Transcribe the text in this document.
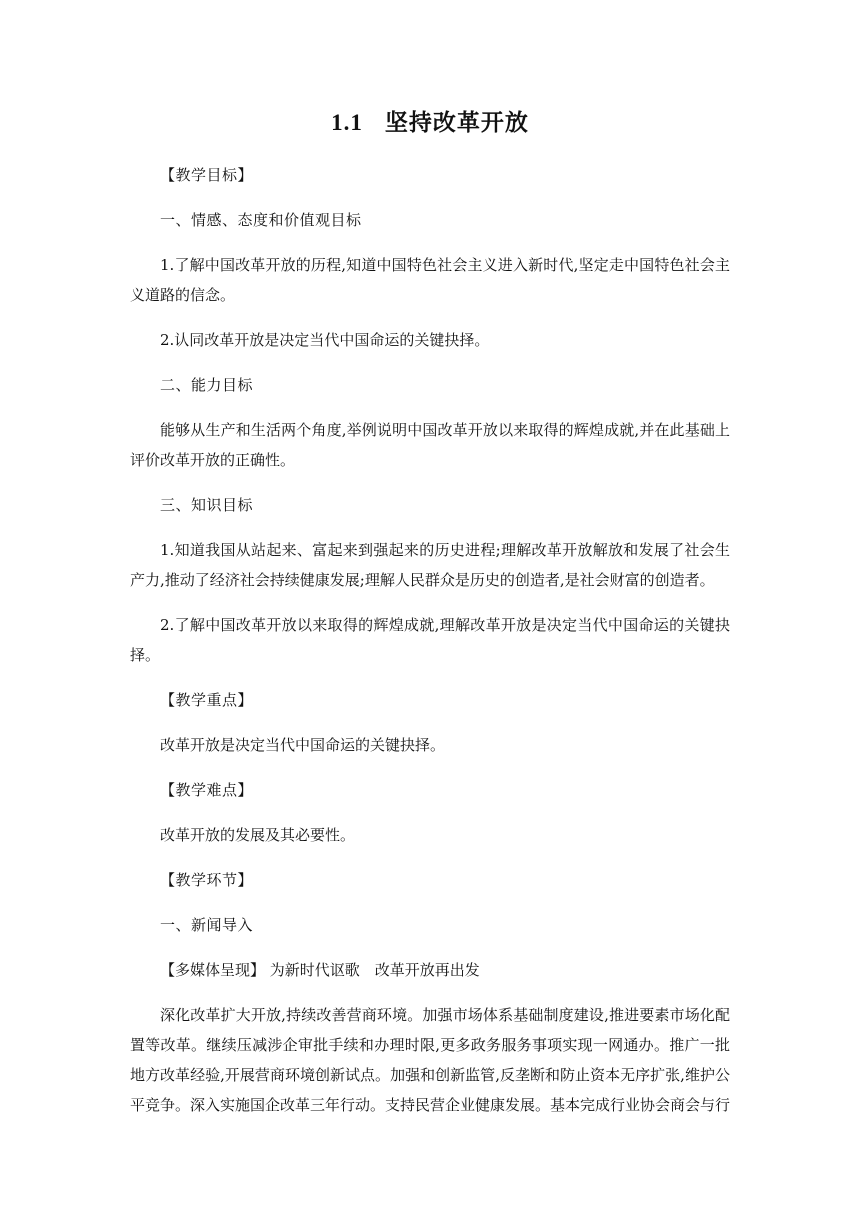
1.1 坚持改革开放

【教学目标】

一、情感、态度和价值观目标

1.了解中国改革开放的历程,知道中国特色社会主义进入新时代,坚定走中国特色社会主义道路的信念。

2.认同改革开放是决定当代中国命运的关键抉择。

二、能力目标

能够从生产和生活两个角度,举例说明中国改革开放以来取得的辉煌成就,并在此基础上评价改革开放的正确性。

三、知识目标

1.知道我国从站起来、富起来到强起来的历史进程;理解改革开放解放和发展了社会生产力,推动了经济社会持续健康发展;理解人民群众是历史的创造者,是社会财富的创造者。

2.了解中国改革开放以来取得的辉煌成就,理解改革开放是决定当代中国命运的关键抉择。

【教学重点】

改革开放是决定当代中国命运的关键抉择。

【教学难点】

改革开放的发展及其必要性。

【教学环节】

一、新闻导入

【多媒体呈现】 为新时代讴歌　改革开放再出发

深化改革扩大开放,持续改善营商环境。加强市场体系基础制度建设,推进要素市场化配置等改革。继续压减涉企审批手续和办理时限,更多政务服务事项实现一网通办。推广一批地方改革经验,开展营商环境创新试点。加强和创新监管,反垄断和防止资本无序扩张,维护公平竞争。深入实施国企改革三年行动。支持民营企业健康发展。基本完成行业协会商会与行
